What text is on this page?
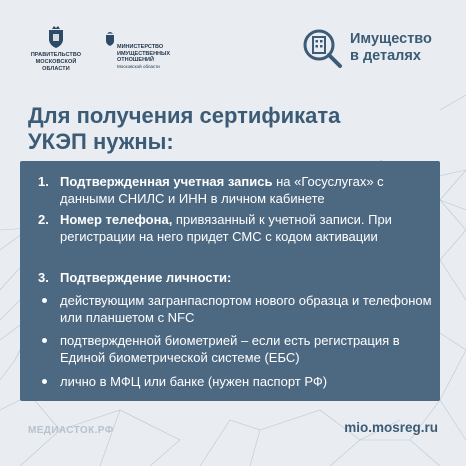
ПРАВИТЕЛЬСТВО МОСКОВСКОЙ ОБЛАСТИ
МИНИСТЕРСТВО ИМУЩЕСТВЕННЫХ ОТНОШЕНИЙ
Московской области
Имущество
в деталях
Для получения сертификата
УКЭП нужны:
1. Подтвержденная учетная запись на «Госуслугах» с данными СНИЛС и ИНН в личном кабинете
2. Номер телефона, привязанный к учетной записи. При регистрации на него придет СМС с кодом активации
3. Подтверждение личности:
действующим загранпаспортом нового образца и телефоном или планшетом с NFC
подтвержденной биометрией – если есть регистрация в Единой биометрической системе (ЕБС)
лично в МФЦ или банке (нужен паспорт РФ)
МЕДИАСТОК.РФ	mio.mosreg.ru
